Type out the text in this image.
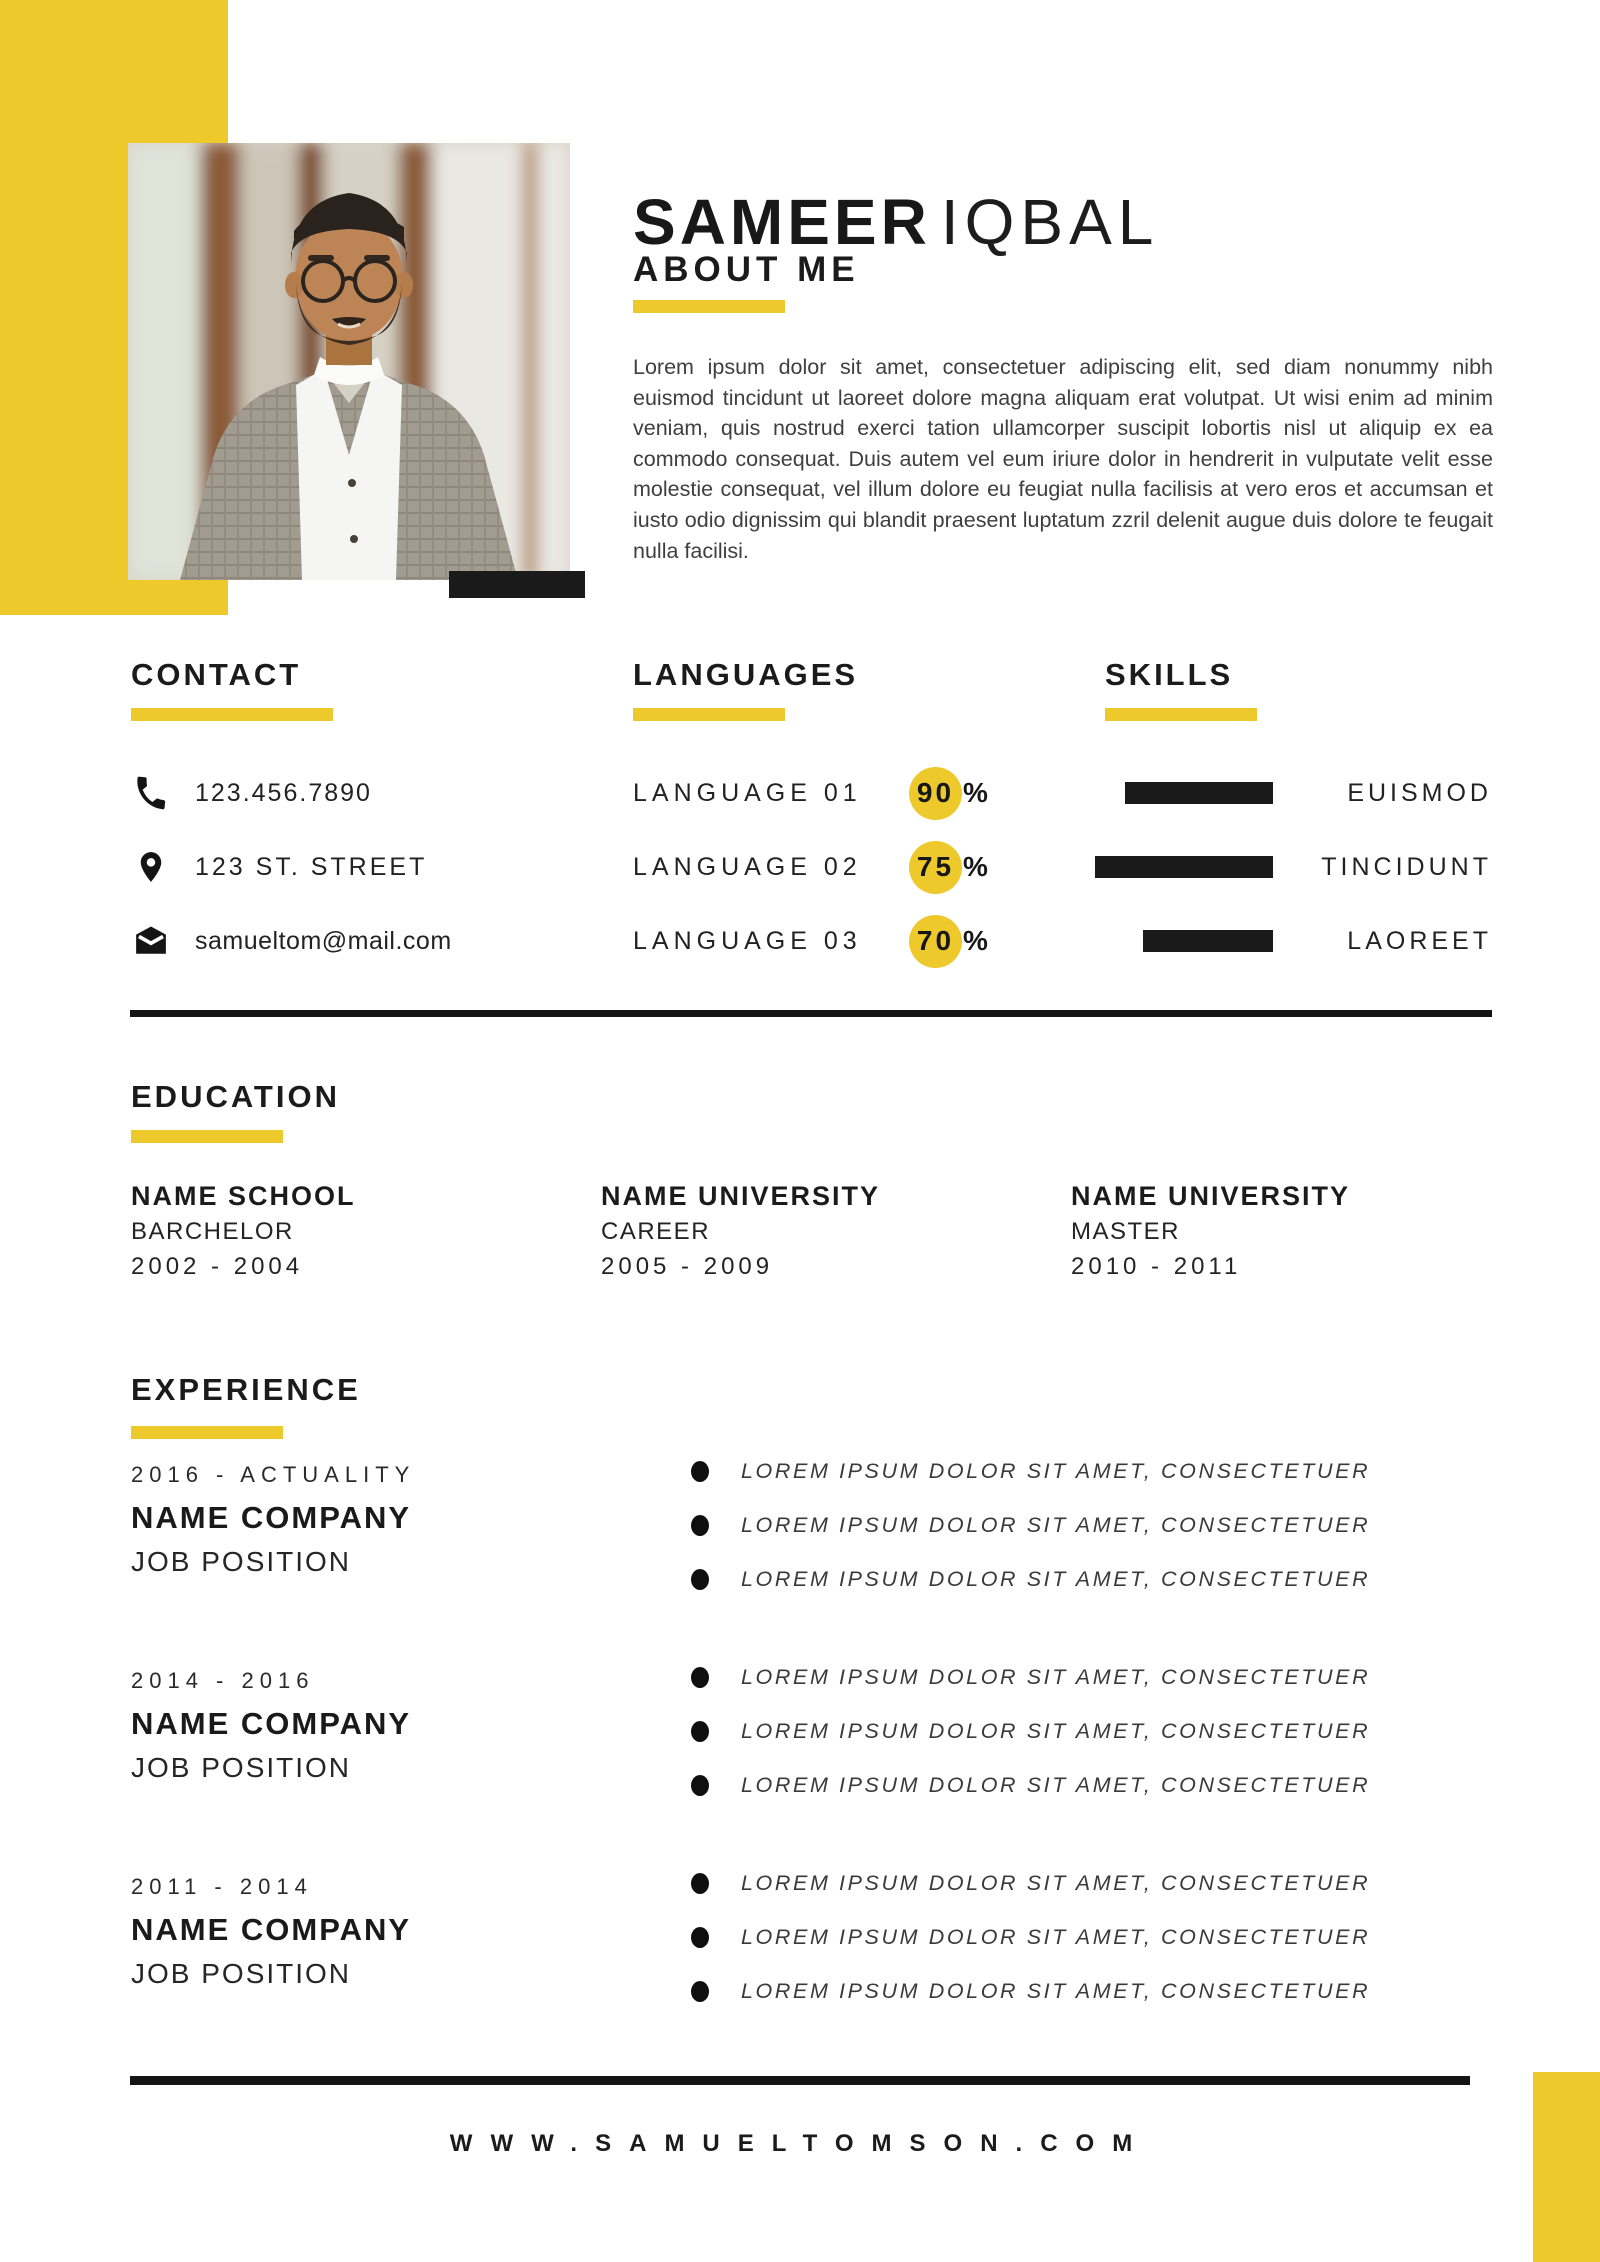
SAMEER IQBAL
ABOUT ME

Lorem ipsum dolor sit amet, consectetuer adipiscing elit, sed diam nonummy nibh euismod tincidunt ut laoreet dolore magna aliquam erat volutpat. Ut wisi enim ad minim veniam, quis nostrud exerci tation ullamcorper suscipit lobortis nisl ut aliquip ex ea commodo consequat. Duis autem vel eum iriure dolor in hendrerit in vulputate velit esse molestie consequat, vel illum dolore eu feugiat nulla facilisis at vero eros et accumsan et iusto odio dignissim qui blandit praesent luptatum zzril delenit augue duis dolore te feugait nulla facilisi.

CONTACT
123.456.7890
123 ST. STREET
samueltom@mail.com
LANGUAGES
LANGUAGE 01	90 %
LANGUAGE 02	75 %
LANGUAGE 03	70 %
SKILLS
EUISMOD
TINCIDUNT
LAOREET
EDUCATION
NAME SCHOOL
BARCHELOR
2002 - 2004
NAME UNIVERSITY
CAREER
2005 - 2009
NAME UNIVERSITY
MASTER
2010 - 2011
EXPERIENCE
2016 - ACTUALITY
NAME COMPANY
JOB POSITION
LOREM IPSUM DOLOR SIT AMET, CONSECTETUER
LOREM IPSUM DOLOR SIT AMET, CONSECTETUER
LOREM IPSUM DOLOR SIT AMET, CONSECTETUER
2014 - 2016
NAME COMPANY
JOB POSITION
LOREM IPSUM DOLOR SIT AMET, CONSECTETUER
LOREM IPSUM DOLOR SIT AMET, CONSECTETUER
LOREM IPSUM DOLOR SIT AMET, CONSECTETUER
2011 - 2014
NAME COMPANY
JOB POSITION
LOREM IPSUM DOLOR SIT AMET, CONSECTETUER
LOREM IPSUM DOLOR SIT AMET, CONSECTETUER
LOREM IPSUM DOLOR SIT AMET, CONSECTETUER
WWW.SAMUELTOMSON.COM
